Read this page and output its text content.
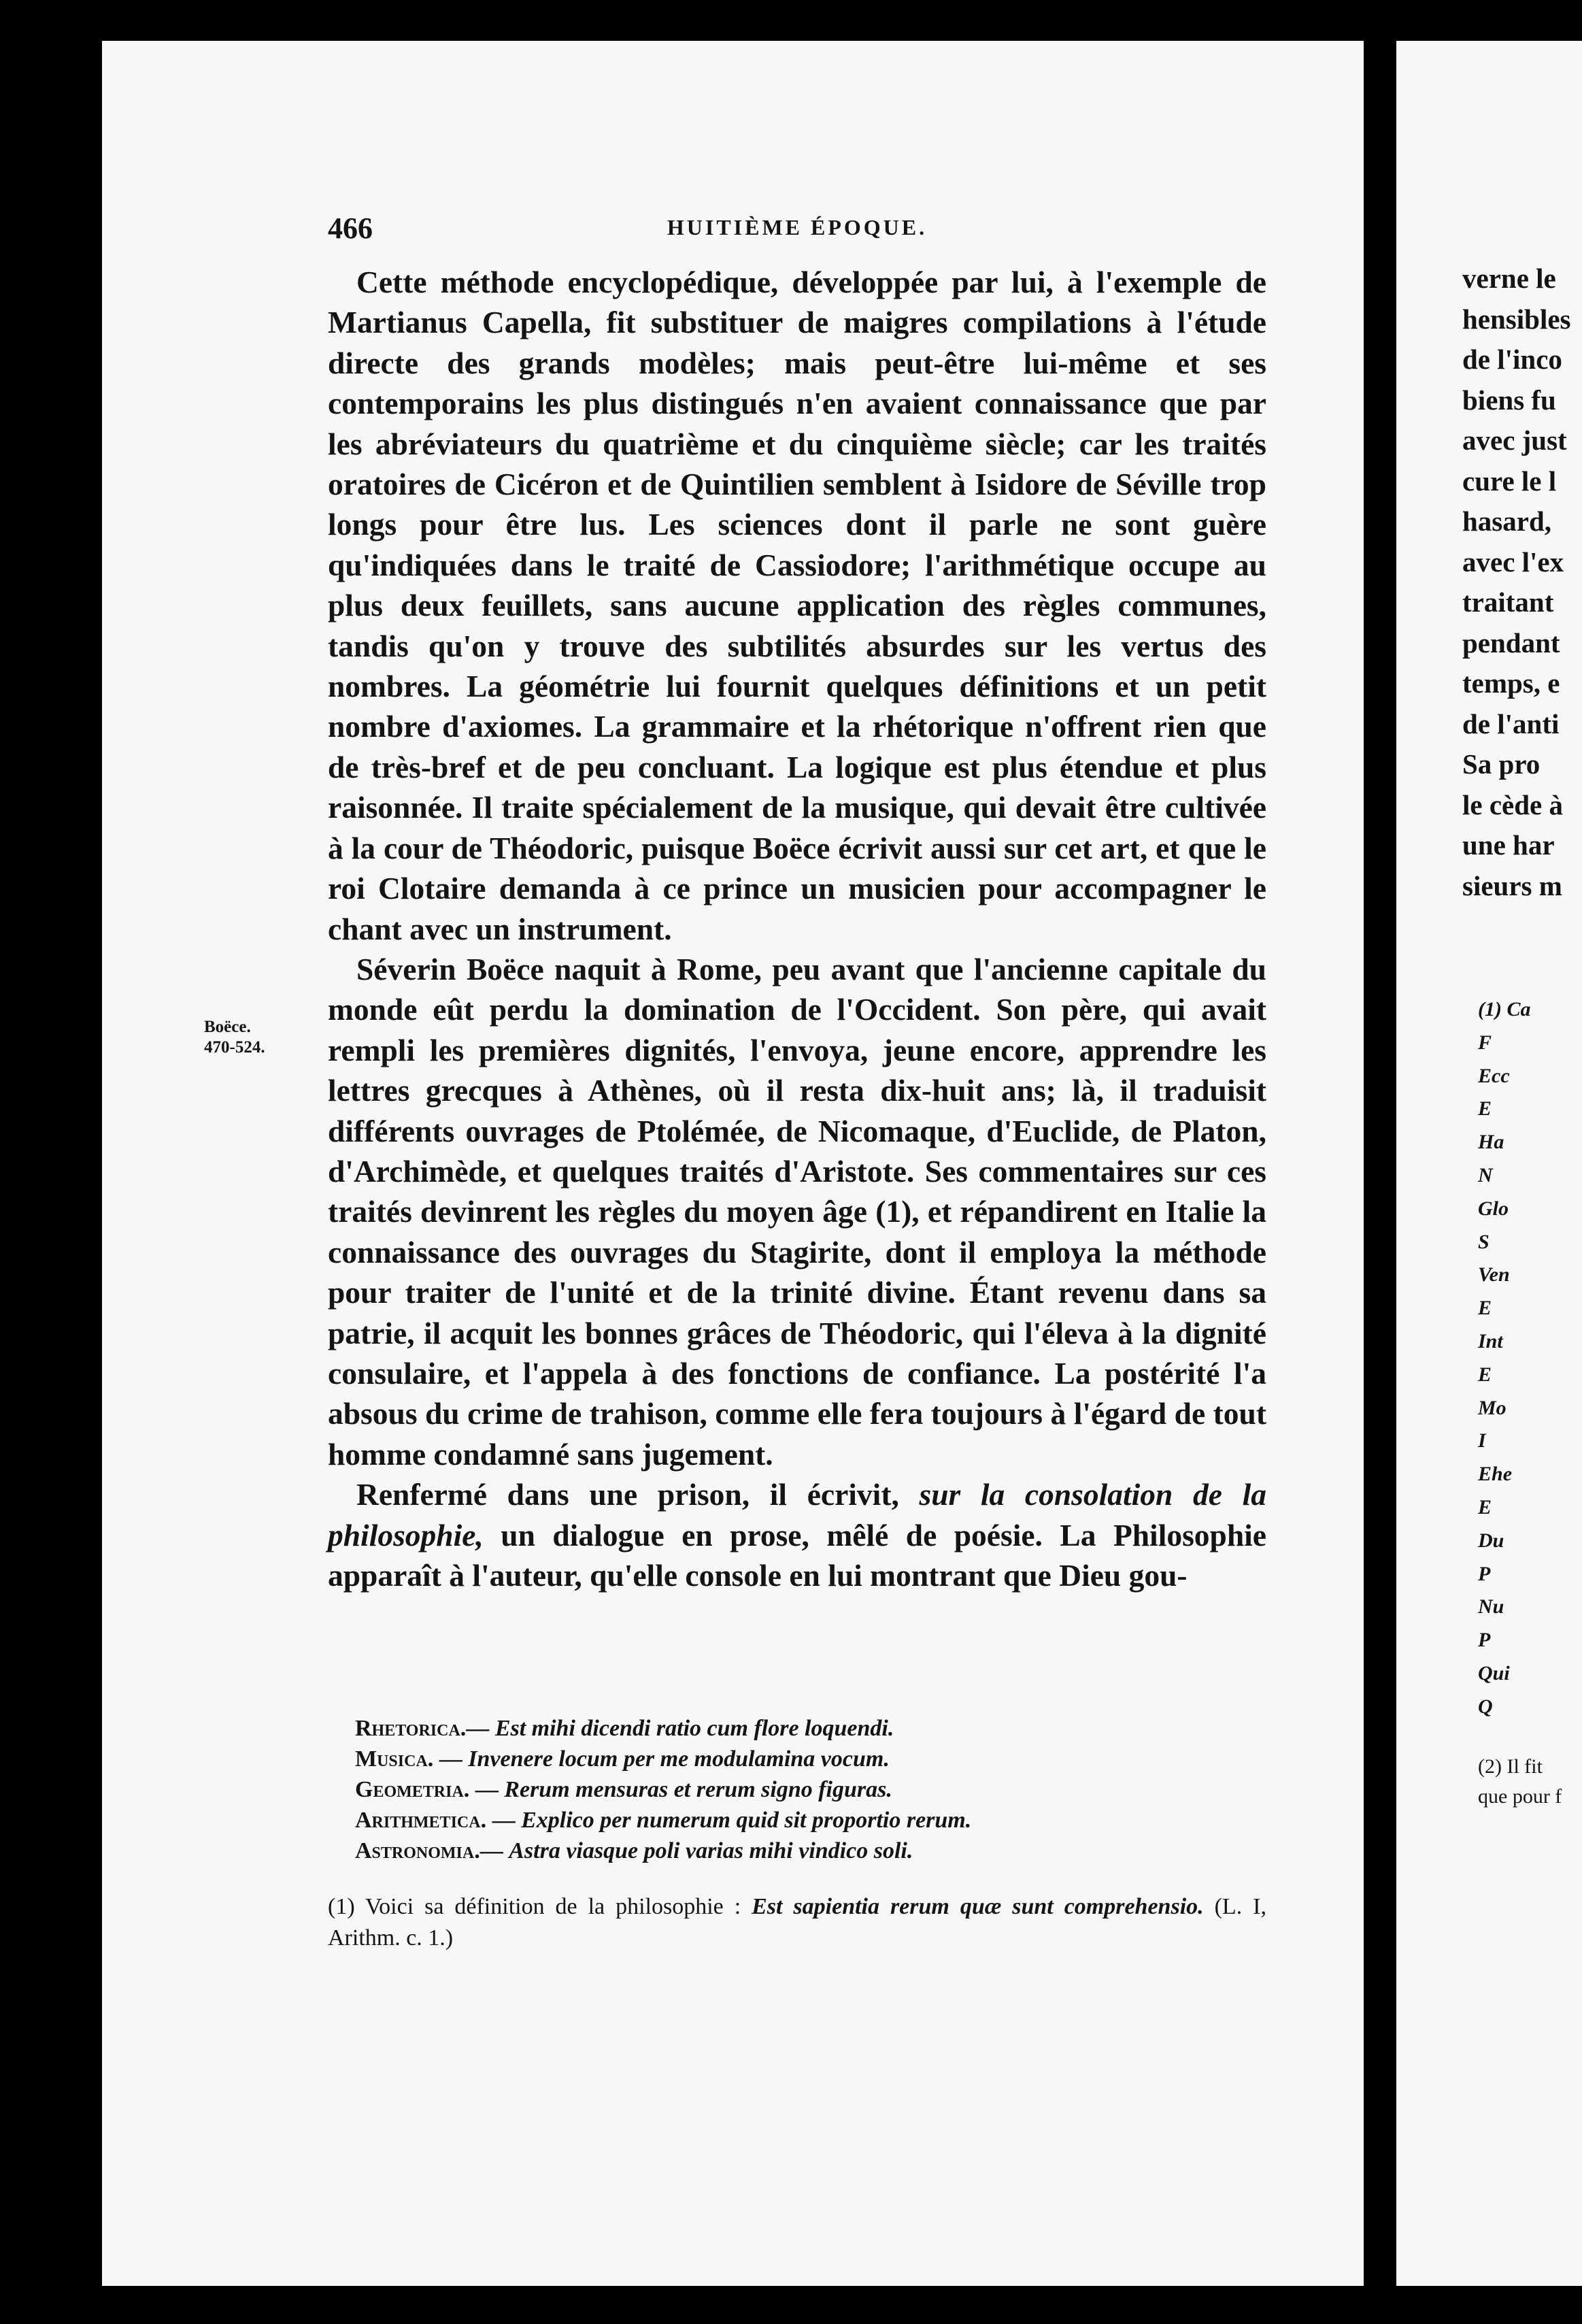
466	HUITIÈME ÉPOQUE.
Boëce.
470-524.

Cette méthode encyclopédique, développée par lui, à l'exemple de Martianus Capella, fit substituer de maigres compilations à l'étude directe des grands modèles; mais peut-être lui-même et ses contemporains les plus distingués n'en avaient connaissance que par les abréviateurs du quatrième et du cinquième siècle; car les traités oratoires de Cicéron et de Quintilien semblent à Isidore de Séville trop longs pour être lus. Les sciences dont il parle ne sont guère qu'indiquées dans le traité de Cassiodore; l'arithmétique occupe au plus deux feuillets, sans aucune application des règles communes, tandis qu'on y trouve des subtilités absurdes sur les vertus des nombres. La géométrie lui fournit quelques définitions et un petit nombre d'axiomes. La grammaire et la rhétorique n'offrent rien que de très-bref et de peu concluant. La logique est plus étendue et plus raisonnée. Il traite spécialement de la musique, qui devait être cultivée à la cour de Théodoric, puisque Boëce écrivit aussi sur cet art, et que le roi Clotaire demanda à ce prince un musicien pour accompagner le chant avec un instrument.

Séverin Boëce naquit à Rome, peu avant que l'ancienne capitale du monde eût perdu la domination de l'Occident. Son père, qui avait rempli les premières dignités, l'envoya, jeune encore, apprendre les lettres grecques à Athènes, où il resta dix-huit ans; là, il traduisit différents ouvrages de Ptolémée, de Nicomaque, d'Euclide, de Platon, d'Archimède, et quelques traités d'Aristote. Ses commentaires sur ces traités devinrent les règles du moyen âge (1), et répandirent en Italie la connaissance des ouvrages du Stagirite, dont il employa la méthode pour traiter de l'unité et de la trinité divine. Étant revenu dans sa patrie, il acquit les bonnes grâces de Théodoric, qui l'éleva à la dignité consulaire, et l'appela à des fonctions de confiance. La postérité l'a absous du crime de trahison, comme elle fera toujours à l'égard de tout homme condamné sans jugement.

Renfermé dans une prison, il écrivit, sur la consolation de la philosophie, un dialogue en prose, mêlé de poésie. La Philosophie apparaît à l'auteur, qu'elle console en lui montrant que Dieu gou-

Rhetorica.— Est mihi dicendi ratio cum flore loquendi.
Musica. — Invenere locum per me modulamina vocum.
Geometria. — Rerum mensuras et rerum signo figuras.
Arithmetica. — Explico per numerum quid sit proportio rerum.
Astronomia.— Astra viasque poli varias mihi vindico soli.
(1) Voici sa définition de la philosophie : Est sapientia rerum quæ sunt comprehensio. (L. I, Arithm. c. 1.)
verne le
hensibles
de l'inco
biens fu
avec just
cure le l
hasard,
avec l'ex
traitant
pendant
temps, e
de l'anti
Sa pro
le cède à
une har
sieurs m
(1) Ca
F
Ecc
E
Ha
N
Glo
S
Ven
E
Int
E
Mo
I
Ehe
E
Du
P
Nu
P
Qui
Q
(2) Il fit
que pour f
